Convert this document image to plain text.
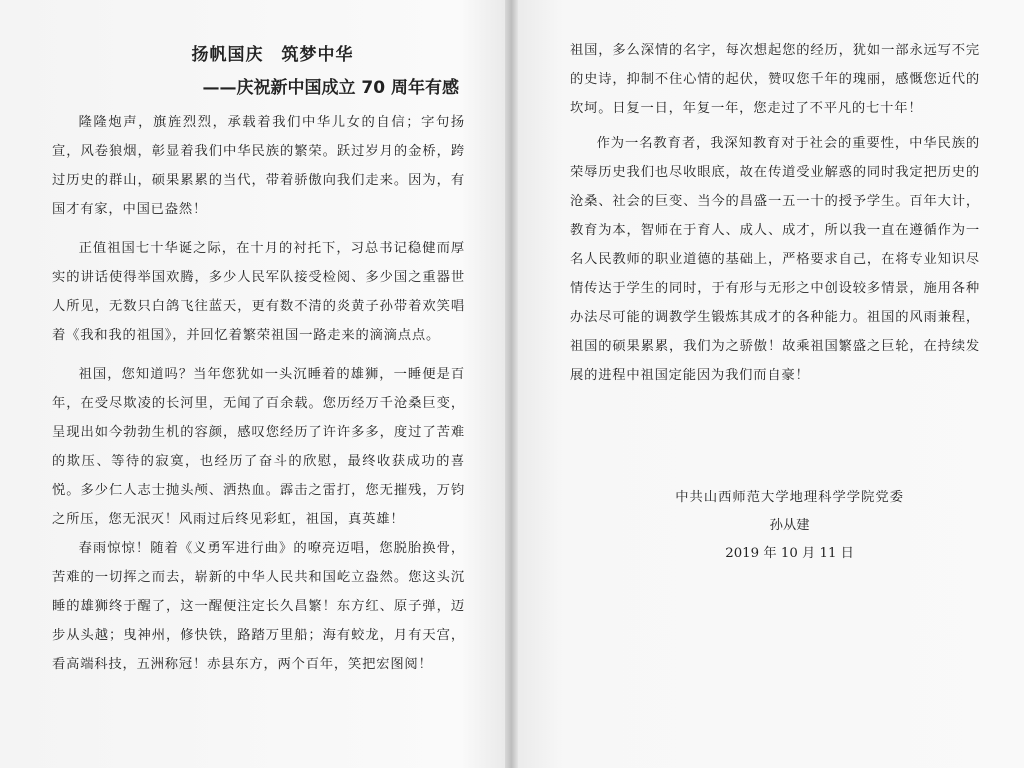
扬帆国庆　筑梦中华
——庆祝新中国成立 70 周年有感

隆隆炮声，旗旌烈烈，承载着我们中华儿女的自信；字句扬宣，风卷狼烟，彰显着我们中华民族的繁荣。跃过岁月的金桥，跨过历史的群山，硕果累累的当代，带着骄傲向我们走来。因为，有国才有家，中国已盎然！

正值祖国七十华诞之际，在十月的衬托下，习总书记稳健而厚实的讲话使得举国欢腾，多少人民军队接受检阅、多少国之重器世人所见，无数只白鸽飞往蓝天，更有数不清的炎黄子孙带着欢笑唱着《我和我的祖国》，并回忆着繁荣祖国一路走来的滴滴点点。

祖国，您知道吗？当年您犹如一头沉睡着的雄狮，一睡便是百年，在受尽欺凌的长河里，无闻了百余载。您历经万千沧桑巨变，呈现出如今勃勃生机的容颜，感叹您经历了许许多多，度过了苦难的欺压、等待的寂寞，也经历了奋斗的欣慰，最终收获成功的喜悦。多少仁人志士抛头颅、洒热血。霹击之雷打，您无摧残，万钧之所压，您无泯灭！风雨过后终见彩虹，祖国，真英雄！

春雨惊惊！随着《义勇军进行曲》的嘹亮迈唱，您脱胎换骨，苦难的一切挥之而去，崭新的中华人民共和国屹立盎然。您这头沉睡的雄狮终于醒了，这一醒便注定长久昌繁！东方红、原子弹，迈步从头越；曳神州，修快铁，路踏万里船；海有蛟龙，月有天宫，看高端科技，五洲称冠！赤县东方，两个百年，笑把宏图阅！

祖国，多么深情的名字，每次想起您的经历，犹如一部永远写不完的史诗，抑制不住心情的起伏，赞叹您千年的瑰丽，感慨您近代的坎坷。日复一日，年复一年，您走过了不平凡的七十年！

作为一名教育者，我深知教育对于社会的重要性，中华民族的荣辱历史我们也尽收眼底，故在传道受业解惑的同时我定把历史的沧桑、社会的巨变、当今的昌盛一五一十的授予学生。百年大计，教育为本，智师在于育人、成人、成才，所以我一直在遵循作为一名人民教师的职业道德的基础上，严格要求自己，在将专业知识尽情传达于学生的同时，于有形与无形之中创设较多情景，施用各种办法尽可能的调教学生锻炼其成才的各种能力。祖国的风雨兼程，祖国的硕果累累，我们为之骄傲！故乘祖国繁盛之巨轮，在持续发展的进程中祖国定能因为我们而自豪！

中共山西师范大学地理科学学院党委
孙从建
2019 年 10 月 11 日
